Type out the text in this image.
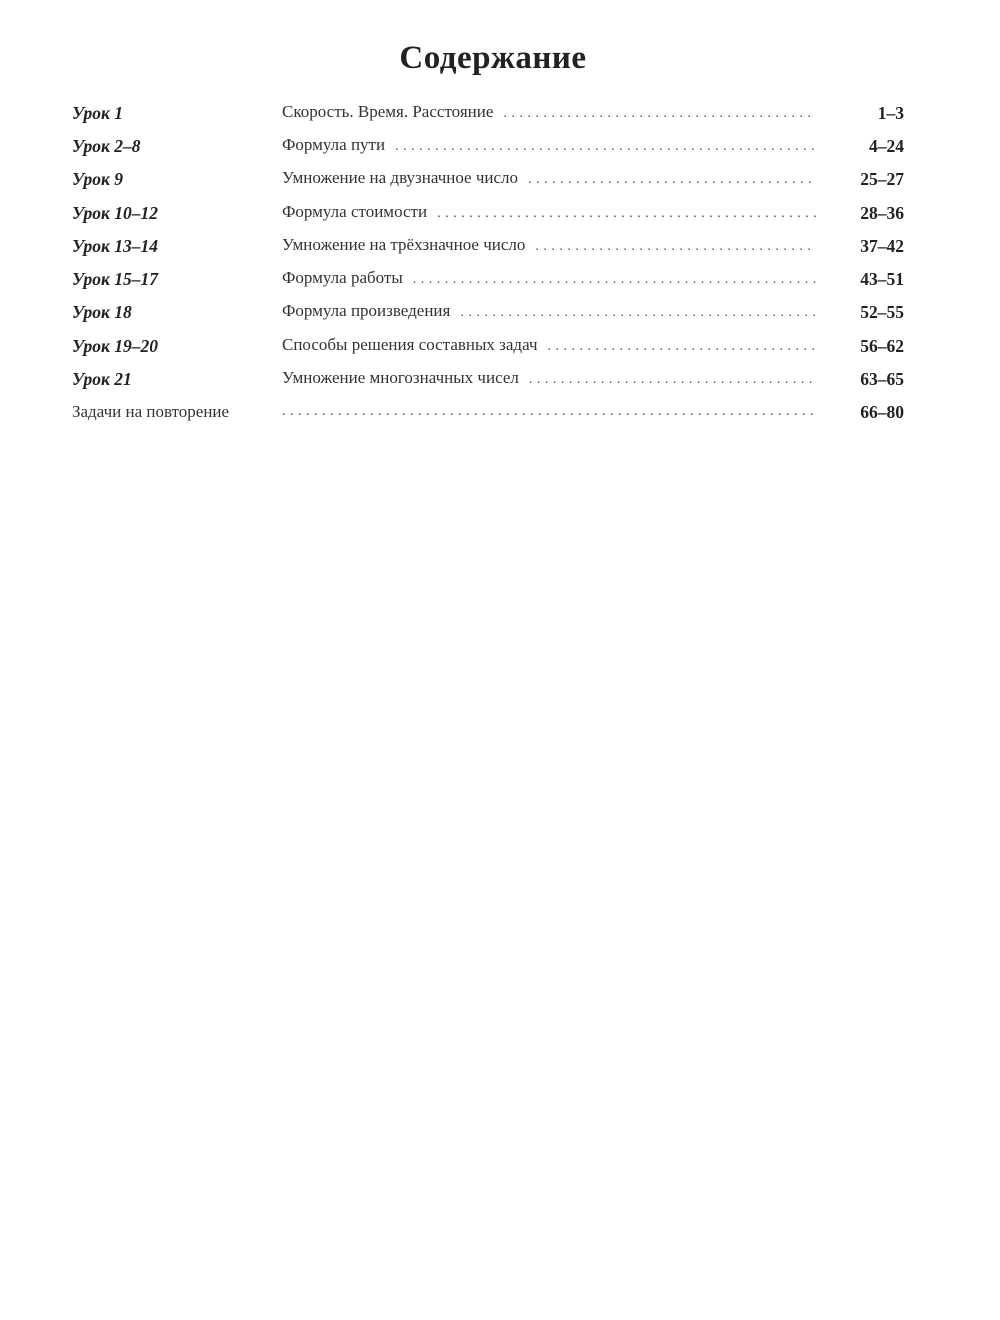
Содержание
Урок 1	Скорость. Время. Расстояние . . .	1–3
Урок 2–8	Формула пути . . .	4–24
Урок 9	Умножение на двузначное число . . .	25–27
Урок 10–12	Формула стоимости . . .	28–36
Урок 13–14	Умножение на трёхзначное число . . .	37–42
Урок 15–17	Формула работы . . .	43–51
Урок 18	Формула произведения . . .	52–55
Урок 19–20	Способы решения составных задач . . .	56–62
Урок 21	Умножение многозначных чисел . . .	63–65
Задачи на повторение . . .	66–80
